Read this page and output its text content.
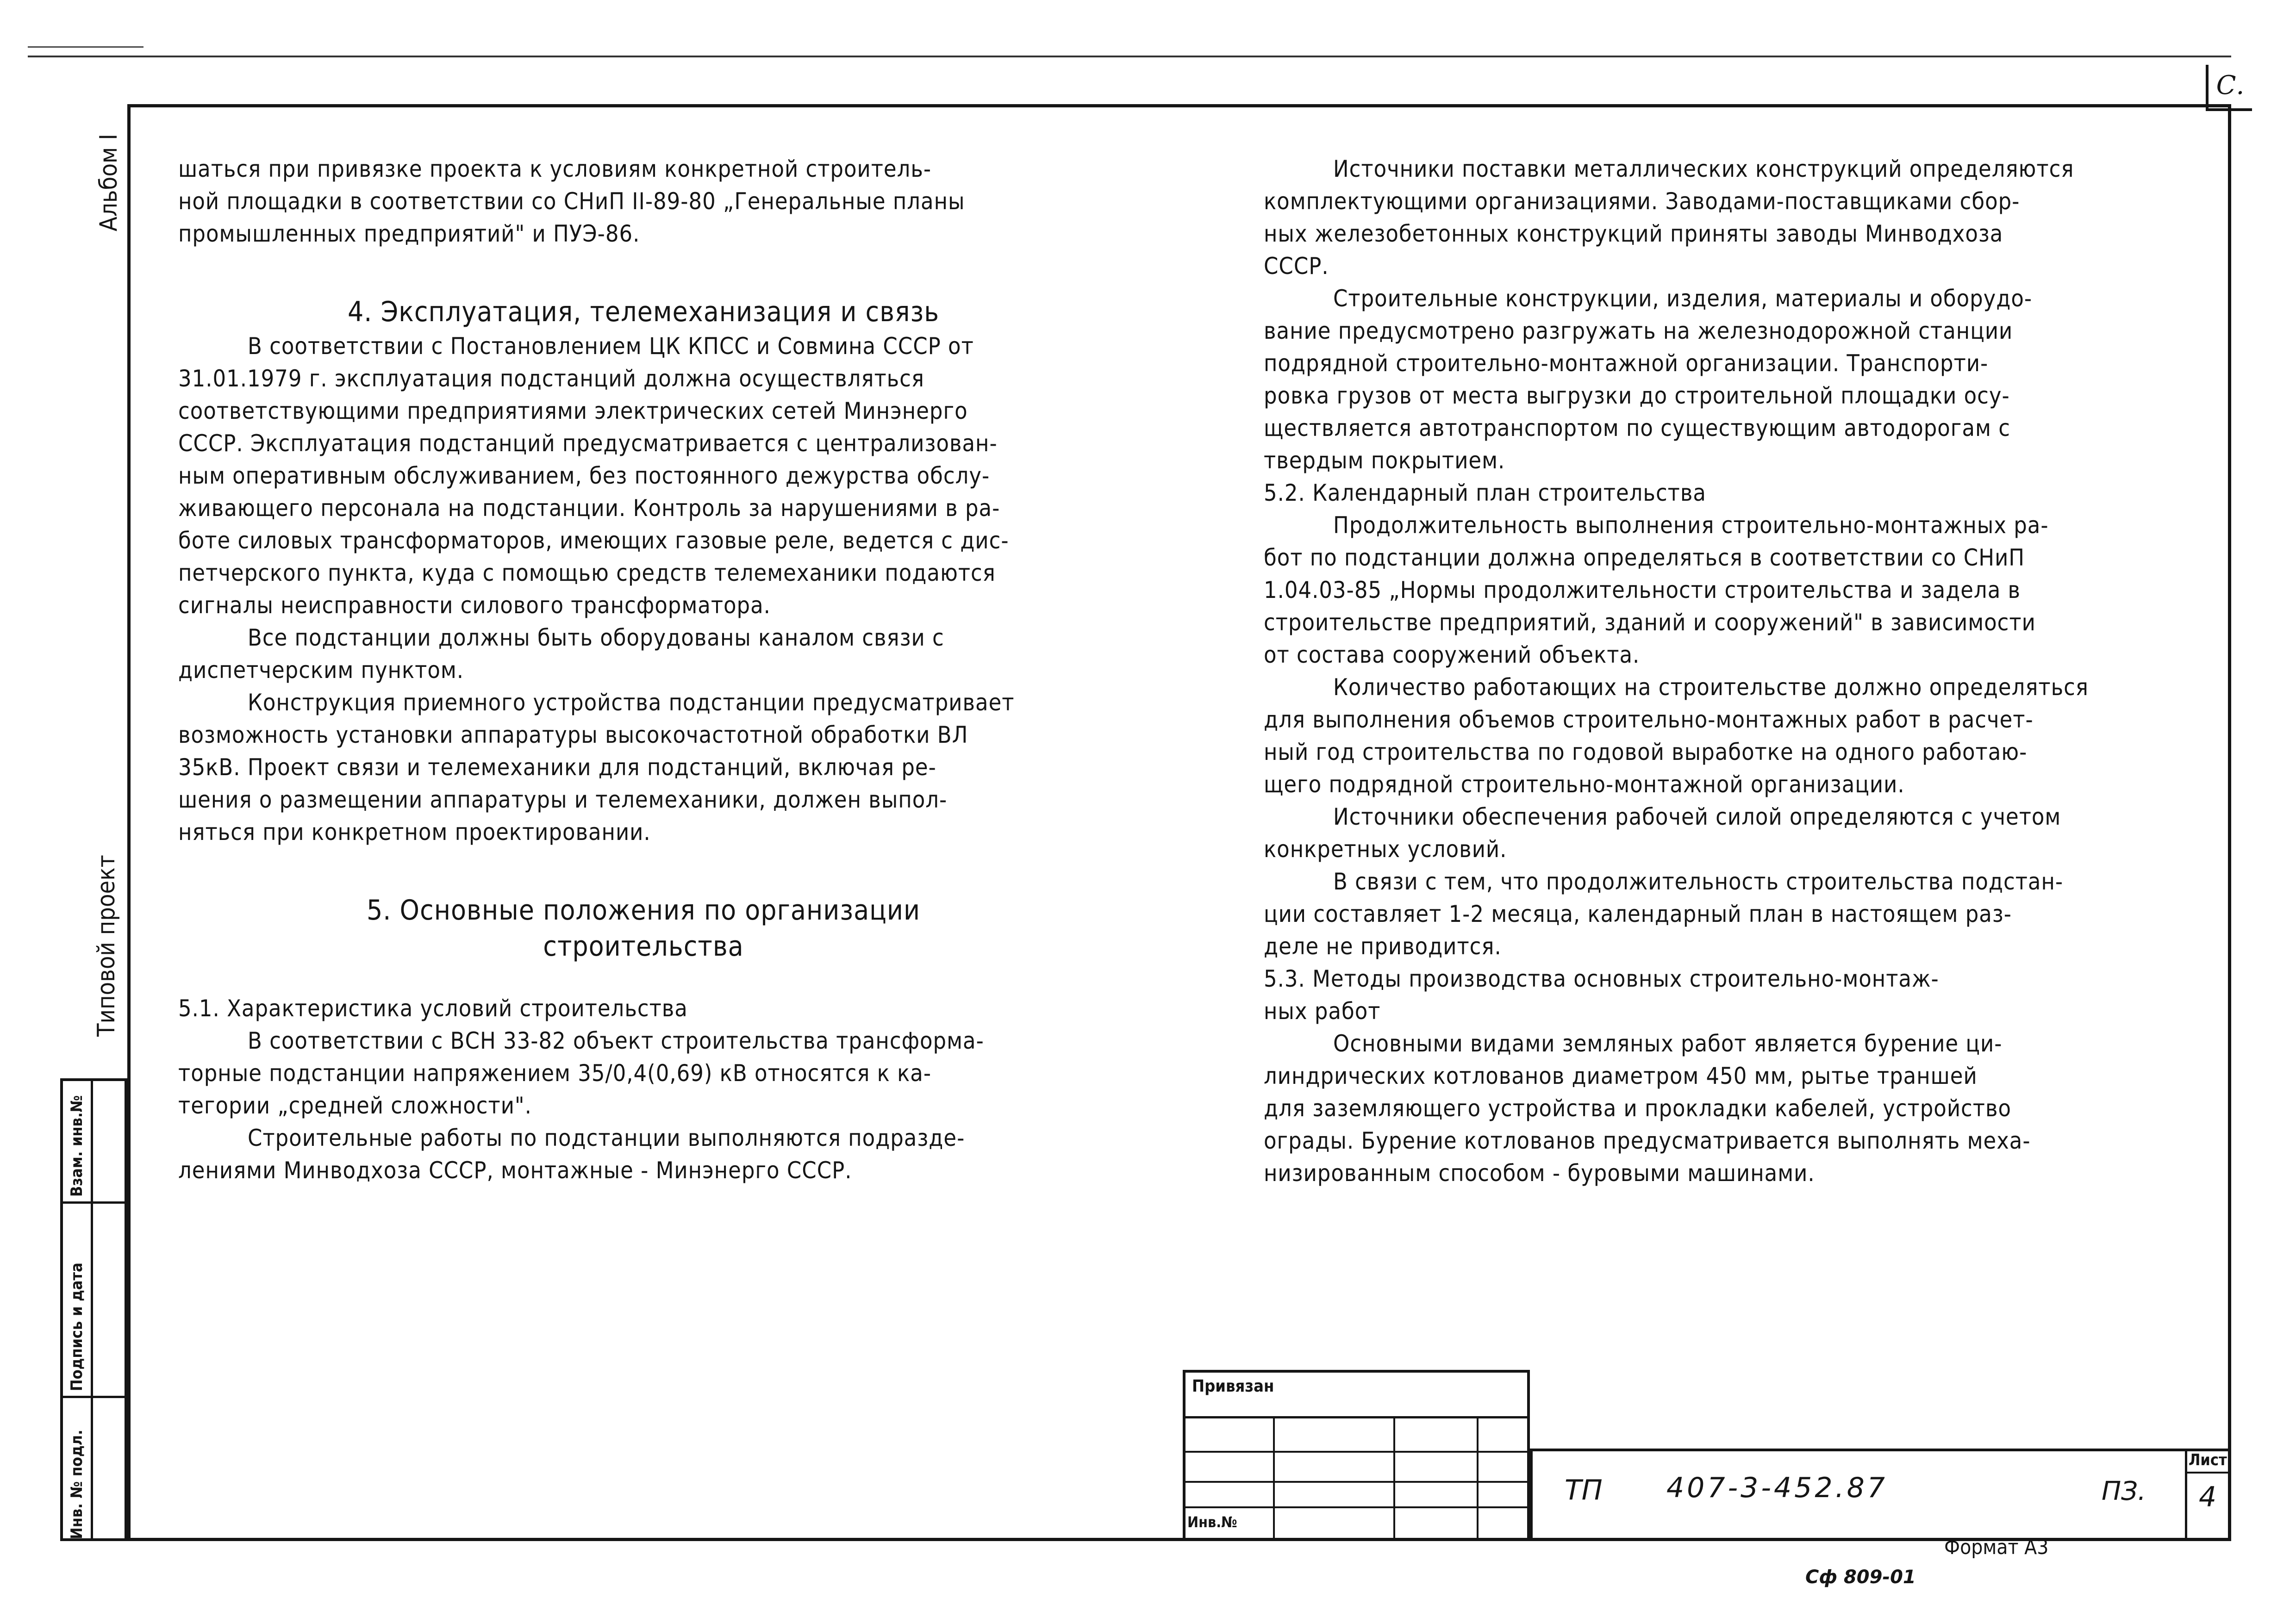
С.
Альбом I
Типовой проект
Инв. № подл.
Подпись и дата
Взам. инв.№

шаться при привязке проекта к условиям конкретной строитель-

ной площадки в соответствии со СНиП II-89-80 „Генеральные планы

промышленных предприятий" и ПУЭ-86.

4. Эксплуатация, телемеханизация и связь

В соответствии с Постановлением ЦК КПСС и Совмина СССР от

31.01.1979 г. эксплуатация подстанций должна осуществляться

соответствующими предприятиями электрических сетей Минэнерго

СССР. Эксплуатация подстанций предусматривается с централизован-

ным оперативным обслуживанием, без постоянного дежурства обслу-

живающего персонала на подстанции. Контроль за нарушениями в ра-

боте силовых трансформаторов, имеющих газовые реле, ведется с дис-

петчерского пункта, куда с помощью средств телемеханики подаются

сигналы неисправности силового трансформатора.

Все подстанции должны быть оборудованы каналом связи с

диспетчерским пунктом.

Конструкция приемного устройства подстанции предусматривает

возможность установки аппаратуры высокочастотной обработки ВЛ

35кВ. Проект связи и телемеханики для подстанций, включая ре-

шения о размещении аппаратуры и телемеханики, должен выпол-

няться при конкретном проектировании.

5. Основные положения по организации

строительства

5.1. Характеристика условий строительства

В соответствии с ВСН 33-82 объект строительства трансформа-

торные подстанции напряжением 35/0,4(0,69) кВ относятся к ка-

тегории „средней сложности".

Строительные работы по подстанции выполняются подразде-

лениями Минводхоза СССР, монтажные - Минэнерго СССР.

Источники поставки металлических конструкций определяются

комплектующими организациями. Заводами-поставщиками сбор-

ных железобетонных конструкций приняты заводы Минводхоза

СССР.

Строительные конструкции, изделия, материалы и оборудо-

вание предусмотрено разгружать на железнодорожной станции

подрядной строительно-монтажной организации. Транспорти-

ровка грузов от места выгрузки до строительной площадки осу-

ществляется автотранспортом по существующим автодорогам с

твердым покрытием.

5.2. Календарный план строительства

Продолжительность выполнения строительно-монтажных ра-

бот по подстанции должна определяться в соответствии со СНиП

1.04.03-85 „Нормы продолжительности строительства и задела в

строительстве предприятий, зданий и сооружений" в зависимости

от состава сооружений объекта.

Количество работающих на строительстве должно определяться

для выполнения объемов строительно-монтажных работ в расчет-

ный год строительства по годовой выработке на одного работаю-

щего подрядной строительно-монтажной организации.

Источники обеспечения рабочей силой определяются с учетом

конкретных условий.

В связи с тем, что продолжительность строительства подстан-

ции составляет 1-2 месяца, календарный план в настоящем раз-

деле не приводится.

5.3. Методы производства основных строительно-монтаж-

ных работ

Основными видами земляных работ является бурение ци-

линдрических котлованов диаметром 450 мм, рытье траншей

для заземляющего устройства и прокладки кабелей, устройство

ограды. Бурение котлованов предусматривается выполнять меха-

низированным способом - буровыми машинами.

Привязан
Инв.№
ТП 407-3-452.87	ПЗ.
Лист
4
Формат А3
Сф 809-01
